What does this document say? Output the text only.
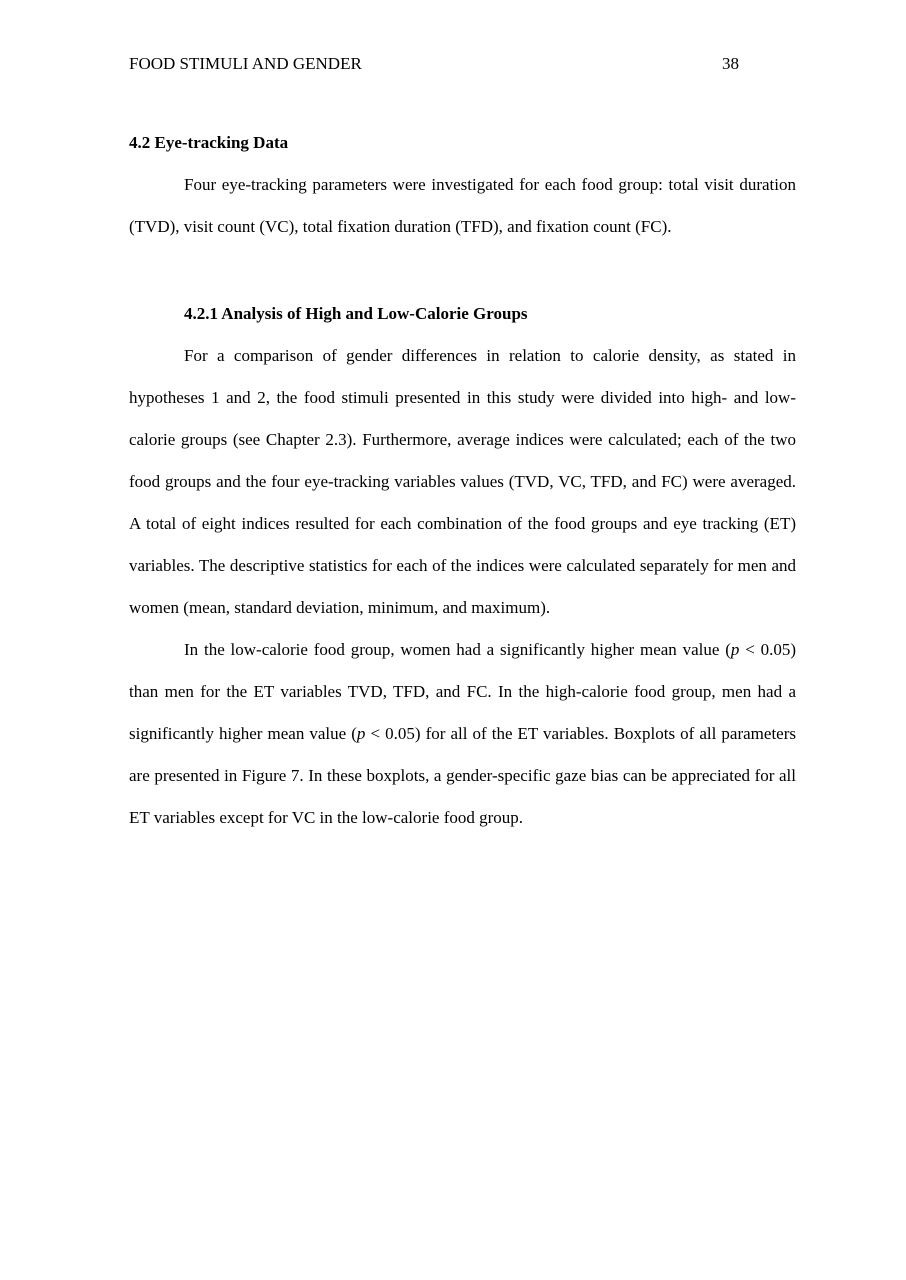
FOOD STIMULI AND GENDER	38
4.2 Eye-tracking Data

Four eye-tracking parameters were investigated for each food group: total visit duration (TVD), visit count (VC), total fixation duration (TFD), and fixation count (FC).

4.2.1 Analysis of High and Low-Calorie Groups

For a comparison of gender differences in relation to calorie density, as stated in hypotheses 1 and 2, the food stimuli presented in this study were divided into high- and low-calorie groups (see Chapter 2.3). Furthermore, average indices were calculated; each of the two food groups and the four eye-tracking variables values (TVD, VC, TFD, and FC) were averaged. A total of eight indices resulted for each combination of the food groups and eye tracking (ET) variables. The descriptive statistics for each of the indices were calculated separately for men and women (mean, standard deviation, minimum, and maximum).

In the low-calorie food group, women had a significantly higher mean value (p < 0.05) than men for the ET variables TVD, TFD, and FC. In the high-calorie food group, men had a significantly higher mean value (p < 0.05) for all of the ET variables. Boxplots of all parameters are presented in Figure 7. In these boxplots, a gender-specific gaze bias can be appreciated for all ET variables except for VC in the low-calorie food group.
